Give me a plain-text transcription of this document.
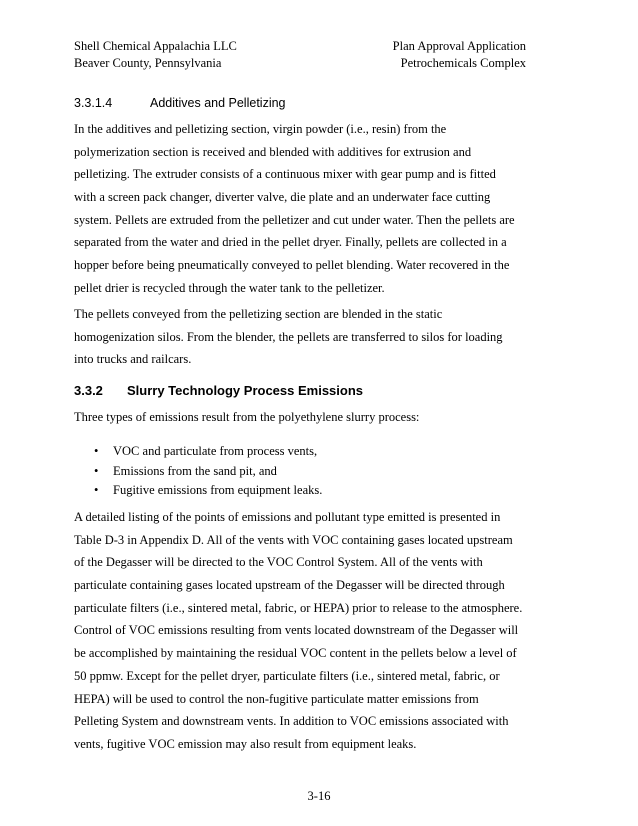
Shell Chemical Appalachia LLC
Beaver County, Pennsylvania
Plan Approval Application
Petrochemicals Complex
3.3.1.4	Additives and Pelletizing
In the additives and pelletizing section, virgin powder (i.e., resin) from the
polymerization section is received and blended with additives for extrusion and
pelletizing. The extruder consists of a continuous mixer with gear pump and is fitted
with a screen pack changer, diverter valve, die plate and an underwater face cutting
system. Pellets are extruded from the pelletizer and cut under water. Then the pellets are
separated from the water and dried in the pellet dryer. Finally, pellets are collected in a
hopper before being pneumatically conveyed to pellet blending. Water recovered in the
pellet drier is recycled through the water tank to the pelletizer.
The pellets conveyed from the pelletizing section are blended in the static
homogenization silos. From the blender, the pellets are transferred to silos for loading
into trucks and railcars.
3.3.2 Slurry Technology Process Emissions
Three types of emissions result from the polyethylene slurry process:
• VOC and particulate from process vents,
• Emissions from the sand pit, and
• Fugitive emissions from equipment leaks.
A detailed listing of the points of emissions and pollutant type emitted is presented in
Table D-3 in Appendix D. All of the vents with VOC containing gases located upstream
of the Degasser will be directed to the VOC Control System. All of the vents with
particulate containing gases located upstream of the Degasser will be directed through
particulate filters (i.e., sintered metal, fabric, or HEPA) prior to release to the atmosphere.
Control of VOC emissions resulting from vents located downstream of the Degasser will
be accomplished by maintaining the residual VOC content in the pellets below a level of
50 ppmw. Except for the pellet dryer, particulate filters (i.e., sintered metal, fabric, or
HEPA) will be used to control the non-fugitive particulate matter emissions from
Pelleting System and downstream vents. In addition to VOC emissions associated with
vents, fugitive VOC emission may also result from equipment leaks.
3-16
